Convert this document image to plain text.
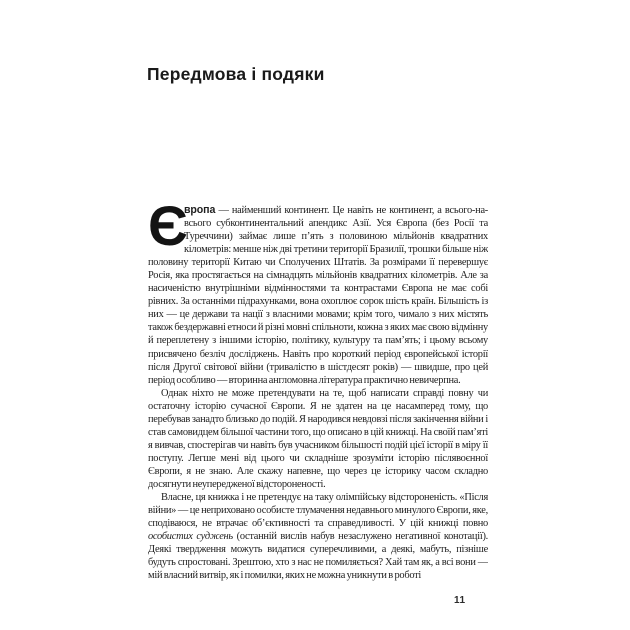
Передмова і подяки

Є
вропа — найменший континент. Це навіть не континент, а всього-на-всього субконтинентальний апендикс Азії. Уся Європа (без Росії та Туреччини) займає лише п’ять з половиною мільйонів квадратних кілометрів: менше ніж дві третини території Бразилії, трошки більше ніж половину території Китаю чи Сполучених Штатів. За розмірами її перевершує Росія, яка простягається на сімнадцять мільйонів квадратних кілометрів. Але за насиченістю внутрішніми відмінностями та контрастами Європа не має собі рівних. За останніми підрахунками, вона охоплює сорок шість країн. Більшість із них — це держави та нації з власними мовами; крім того, чимало з них містять також бездержавні етноси й різні мовні спільноти, кожна з яких має свою відмінну й переплетену з іншими історію, політику, культуру та пам’ять; і цьому всьому присвячено безліч досліджень. Навіть про короткий період європейської історії після Другої світової війни (тривалістю в шістдесят років) — швидше, про цей період особливо — вторинна англомовна література практично невичерпна.

Однак ніхто не може претендувати на те, щоб написати справді повну чи остаточну історію сучасної Європи. Я не здатен на це насамперед тому, що перебував занадто близько до подій. Я народився невдовзі після закінчення війни і став самовидцем більшої частини того, що описано в цій книжці. На своїй пам’яті я вивчав, спостерігав чи навіть був учасником більшості подій цієї історії в міру її поступу. Легше мені від цього чи складніше зрозуміти історію післявоєнної Європи, я не знаю. Але скажу напевне, що через це історику часом складно досягнути неупередженої відстороненості.

Власне, ця книжка і не претендує на таку олімпійську відстороненість. «Після війни» — це неприховано особисте тлумачення недавнього минулого Європи, яке, сподіваюся, не втрачає об’єктивності та справедливості. У цій книжці повно особистих суджень (останній вислів набув незаслужено негативної конотації). Деякі твердження можуть видатися суперечливими, а деякі, мабуть, пізніше будуть спростовані. Зрештою, хто з нас не помиляється? Хай там як, а всі вони — мій власний витвір, як і помилки, яких не можна уникнути в роботі

11
